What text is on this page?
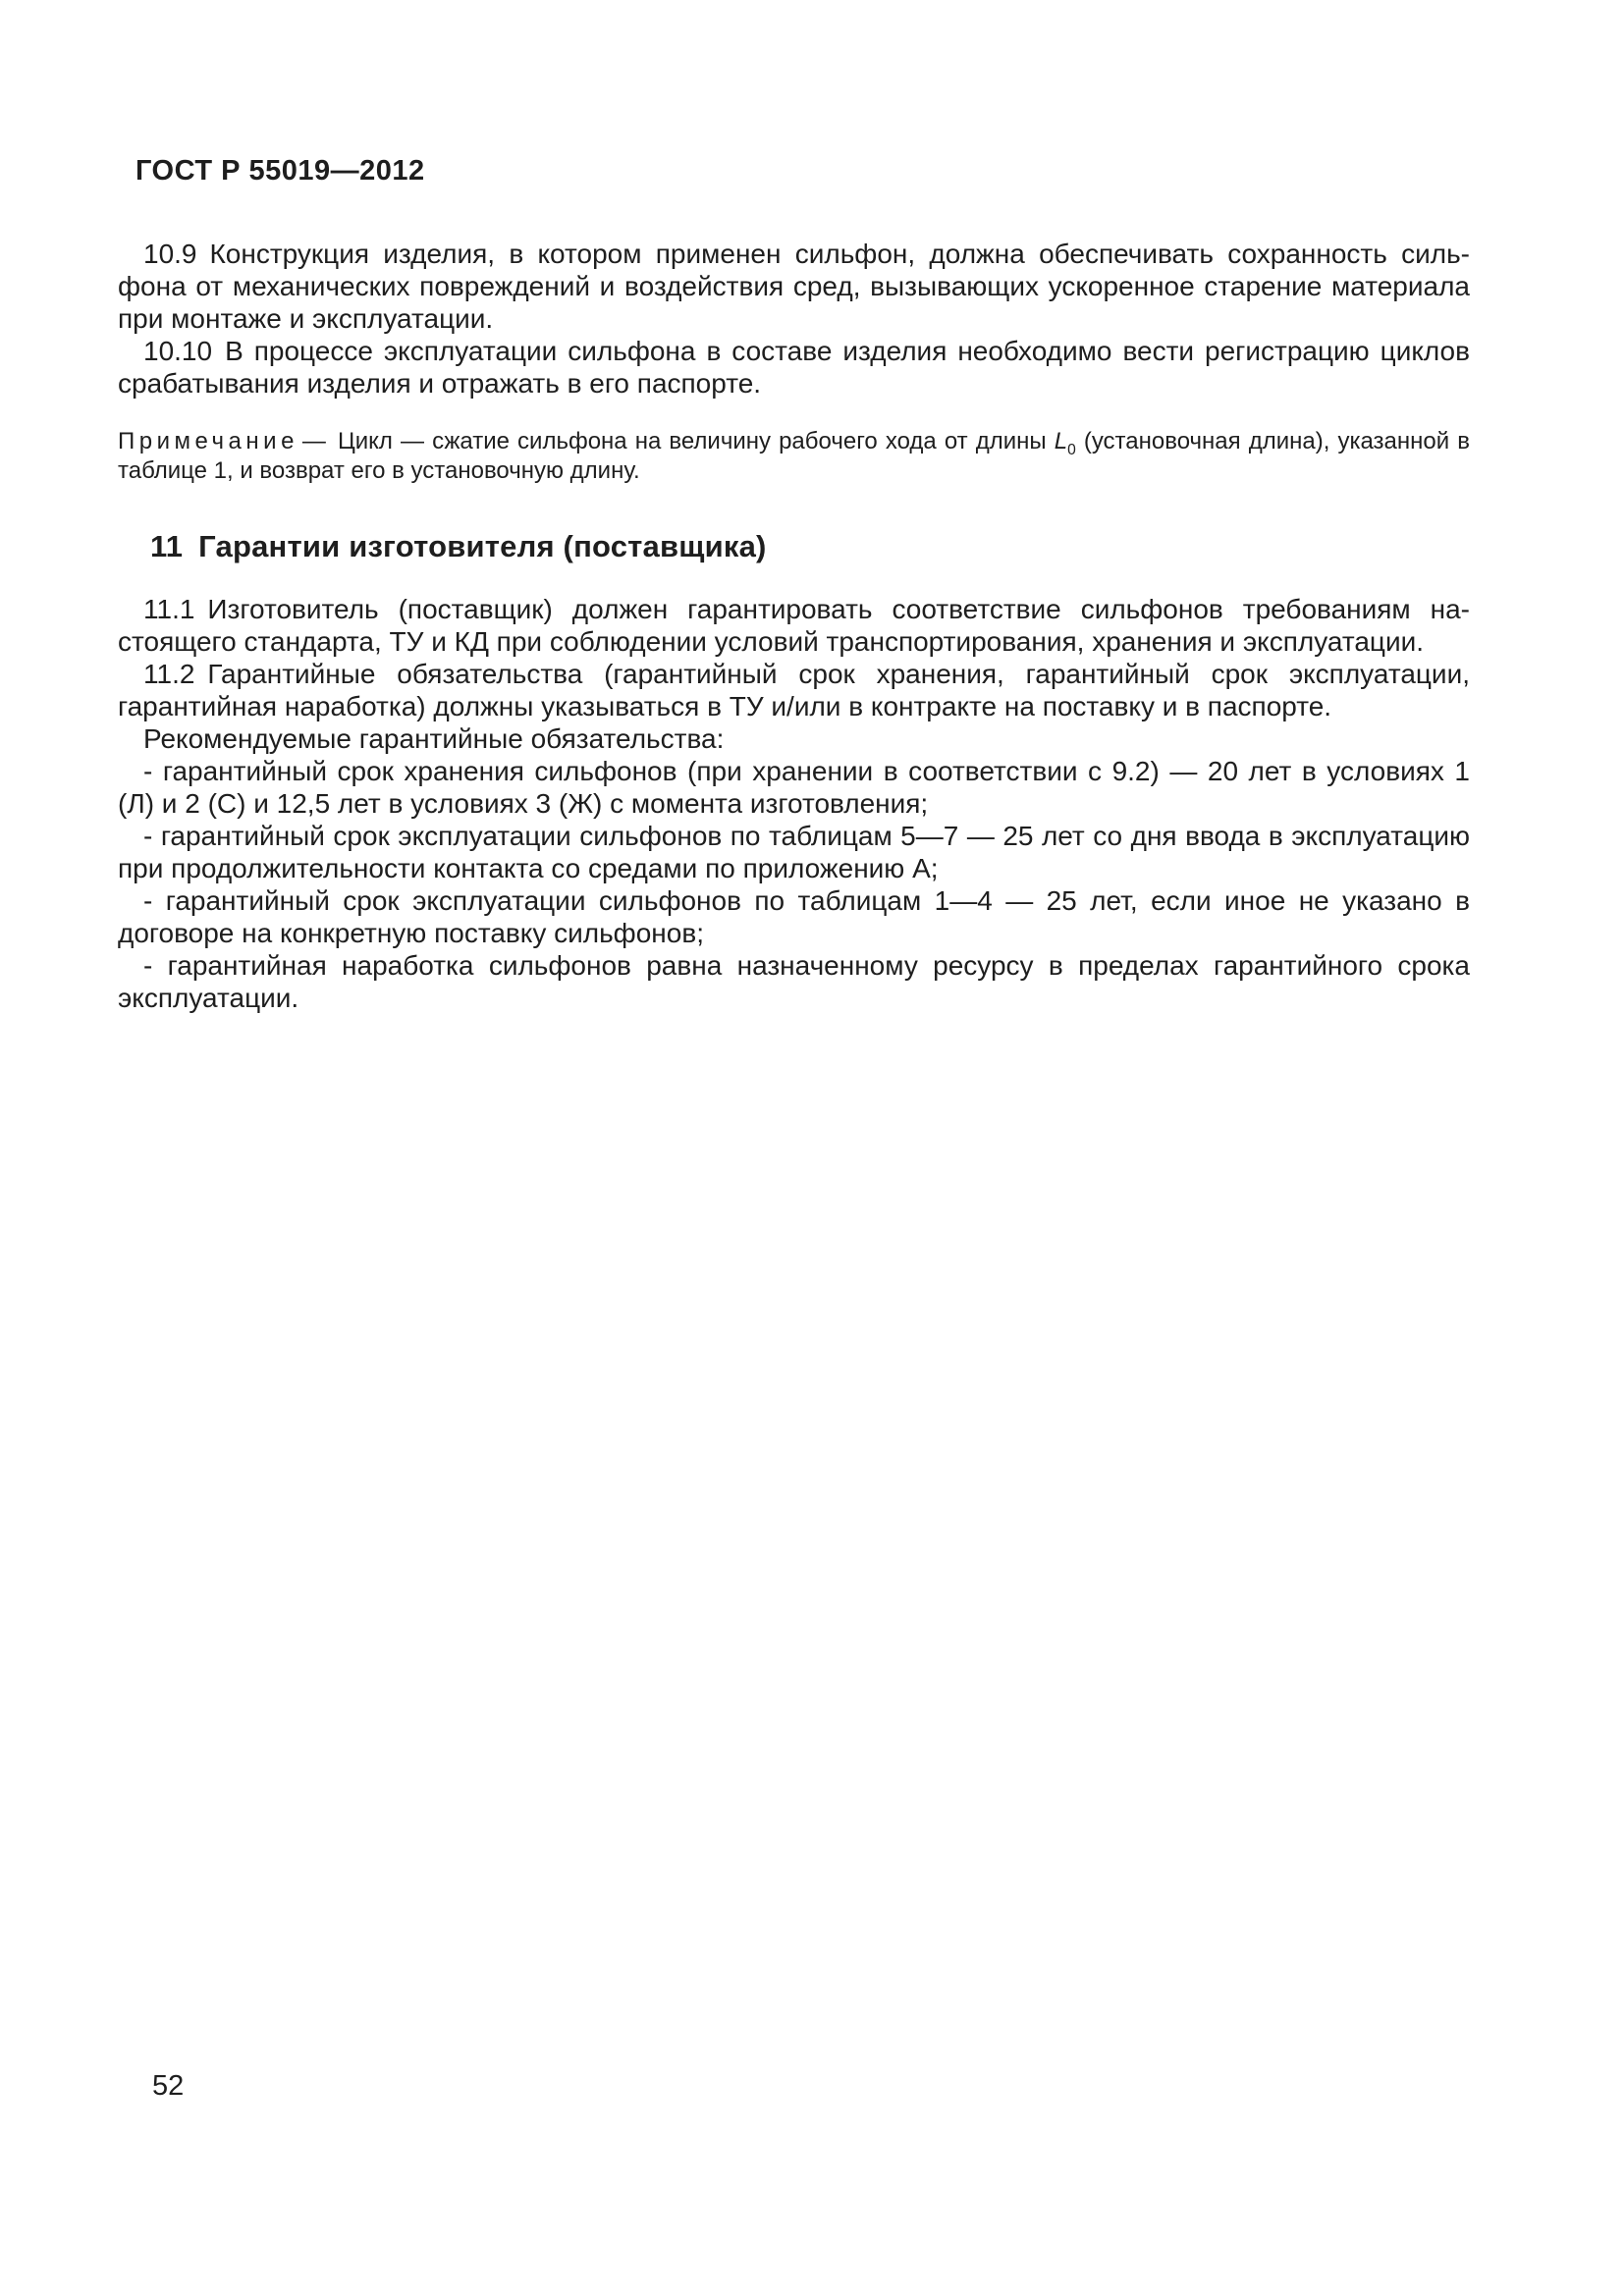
ГОСТ Р 55019—2012

10.9 Конструкция изделия, в котором применен сильфон, должна обеспечивать сохранность сильфона от механических повреждений и воздействия сред, вызывающих ускоренное старение материала при монтаже и эксплуатации.

10.10 В процессе эксплуатации сильфона в составе изделия необходимо вести регистрацию циклов срабатывания изделия и отражать в его паспорте.

Примечание — Цикл — сжатие сильфона на величину рабочего хода от длины $L_0$ (установочная длина), указанной в таблице 1, и возврат его в установочную длину.

11 Гарантии изготовителя (поставщика)

11.1 Изготовитель (поставщик) должен гарантировать соответствие сильфонов требованиям настоящего стандарта, ТУ и КД при соблюдении условий транспортирования, хранения и эксплуатации.

11.2 Гарантийные обязательства (гарантийный срок хранения, гарантийный срок эксплуатации, гарантийная наработка) должны указываться в ТУ и/или в контракте на поставку и в паспорте.

Рекомендуемые гарантийные обязательства:

- гарантийный срок хранения сильфонов (при хранении в соответствии с 9.2) — 20 лет в условиях 1 (Л) и 2 (С) и 12,5 лет в условиях 3 (Ж) с момента изготовления;

- гарантийный срок эксплуатации сильфонов по таблицам 5—7 — 25 лет со дня ввода в эксплуатацию при продолжительности контакта со средами по приложению А;

- гарантийный срок эксплуатации сильфонов по таблицам 1—4 — 25 лет, если иное не указано в договоре на конкретную поставку сильфонов;

- гарантийная наработка сильфонов равна назначенному ресурсу в пределах гарантийного срока эксплуатации.

52
